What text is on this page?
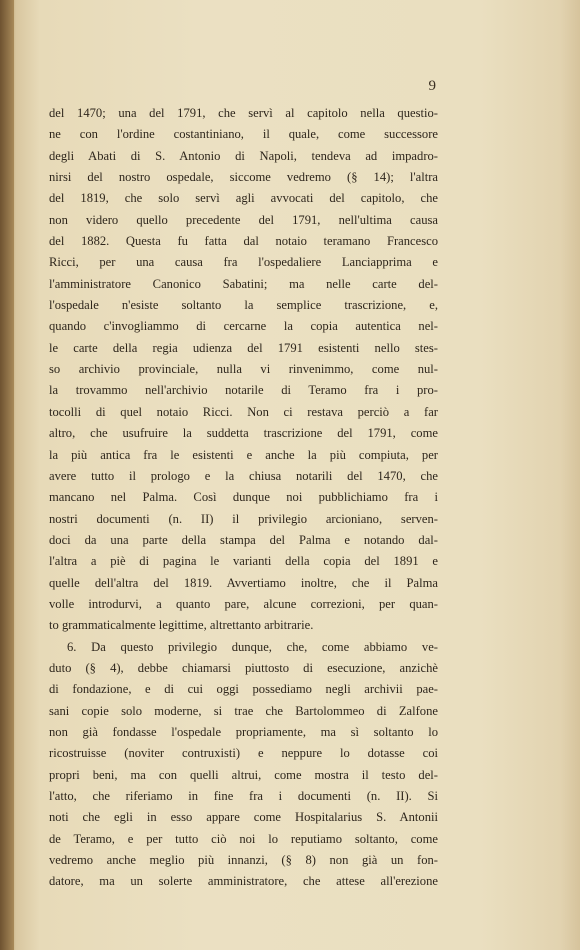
9
del 1470; una del 1791, che servì al capitolo nella questio-
ne con l'ordine costantiniano, il quale, come successore
degli Abati di S. Antonio di Napoli, tendeva ad impadro-
nirsi del nostro ospedale, siccome vedremo (§ 14); l'altra
del 1819, che solo servì agli avvocati del capitolo, che
non videro quello precedente del 1791, nell'ultima causa
del 1882. Questa fu fatta dal notaio teramano Francesco
Ricci, per una causa fra l'ospedaliere Lanciapprima e
l'amministratore Canonico Sabatini; ma nelle carte del-
l'ospedale n'esiste soltanto la semplice trascrizione, e,
quando c'invogliammo di cercarne la copia autentica nel-
le carte della regia udienza del 1791 esistenti nello stes-
so archivio provinciale, nulla vi rinvenimmo, come nul-
la trovammo nell'archivio notarile di Teramo fra i pro-
tocolli di quel notaio Ricci. Non ci restava perciò a far
altro, che usufruire la suddetta trascrizione del 1791, come
la più antica fra le esistenti e anche la più compiuta, per
avere tutto il prologo e la chiusa notarili del 1470, che
mancano nel Palma. Così dunque noi pubblichiamo fra i
nostri documenti (n. II) il privilegio arcioniano, serven-
doci da una parte della stampa del Palma e notando dal-
l'altra a piè di pagina le varianti della copia del 1891 e
quelle dell'altra del 1819. Avvertiamo inoltre, che il Palma
volle introdurvi, a quanto pare, alcune correzioni, per quan-
to grammaticalmente legittime, altrettanto arbitrarie.
6. Da questo privilegio dunque, che, come abbiamo ve-
duto (§ 4), debbe chiamarsi piuttosto di esecuzione, anzichè
di fondazione, e di cui oggi possediamo negli archivii pae-
sani copie solo moderne, si trae che Bartolommeo di Zalfone
non già fondasse l'ospedale propriamente, ma sì soltanto lo
ricostruisse (noviter contruxisti) e neppure lo dotasse coi
propri beni, ma con quelli altrui, come mostra il testo del-
l'atto, che riferiamo in fine fra i documenti (n. II). Si
noti che egli in esso appare come Hospitalarius S. Antonii
de Teramo, e per tutto ciò noi lo reputiamo soltanto, come
vedremo anche meglio più innanzi, (§ 8) non già un fon-
datore, ma un solerte amministratore, che attese all'erezione
